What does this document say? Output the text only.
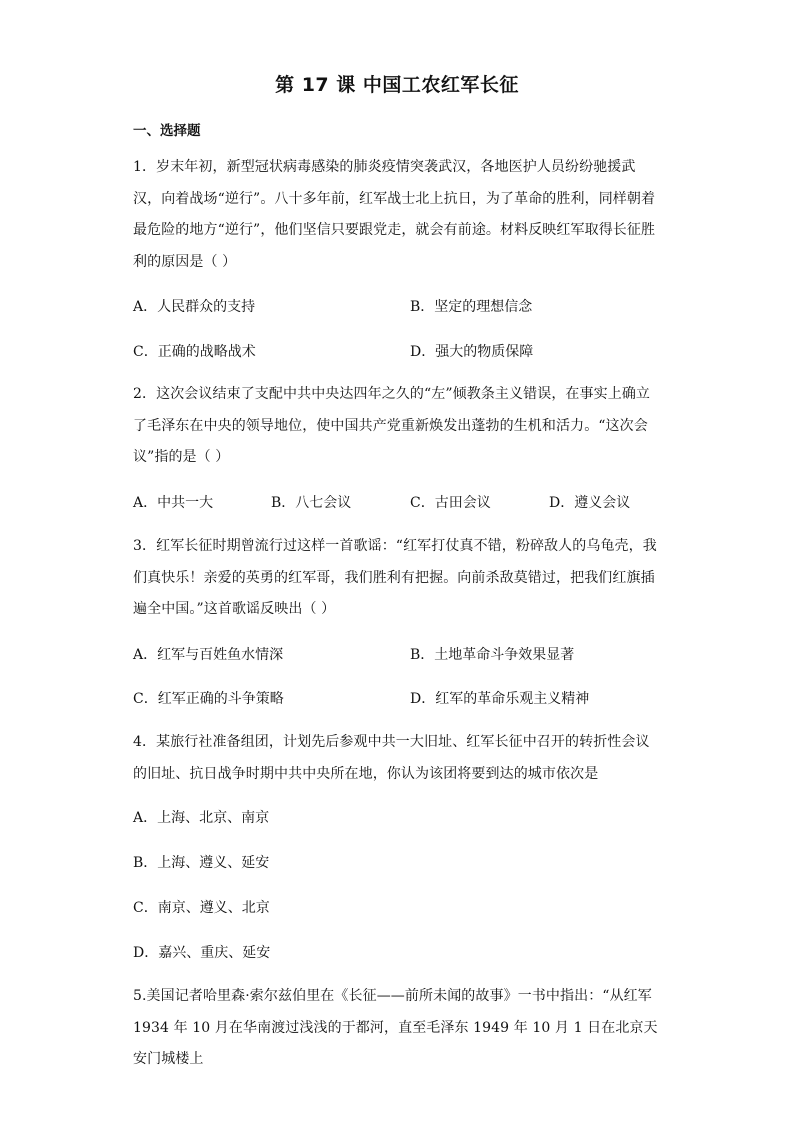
第 17 课 中国工农红军长征
一、选择题
1．岁末年初，新型冠状病毒感染的肺炎疫情突袭武汉，各地医护人员纷纷驰援武汉，向着战场“逆行”。八十多年前，红军战士北上抗日，为了革命的胜利，同样朝着最危险的地方“逆行”，他们坚信只要跟党走，就会有前途。材料反映红军取得长征胜利的原因是（ ）
A．人民群众的支持	B．坚定的理想信念
C．正确的战略战术	D．强大的物质保障
2．这次会议结束了支配中共中央达四年之久的“左”倾教条主义错误，在事实上确立了毛泽东在中央的领导地位，使中国共产党重新焕发出蓬勃的生机和活力。“这次会议”指的是（ ）
A．中共一大	B．八七会议	C．古田会议	D．遵义会议
3．红军长征时期曾流行过这样一首歌谣：“红军打仗真不错，粉碎敌人的乌龟壳，我们真快乐！亲爱的英勇的红军哥，我们胜利有把握。向前杀敌莫错过，把我们红旗插遍全中国。”这首歌谣反映出（ ）
A．红军与百姓鱼水情深	B．土地革命斗争效果显著
C．红军正确的斗争策略	D．红军的革命乐观主义精神
4．某旅行社准备组团，计划先后参观中共一大旧址、红军长征中召开的转折性会议的旧址、抗日战争时期中共中央所在地，你认为该团将要到达的城市依次是
A．上海、北京、南京
B．上海、遵义、延安
C．南京、遵义、北京
D．嘉兴、重庆、延安
5.美国记者哈里森·索尔兹伯里在《长征——前所未闻的故事》一书中指出：“从红军 1934 年 10 月在华南渡过浅浅的于都河，直至毛泽东 1949 年 10 月 1 日在北京天安门城楼上
